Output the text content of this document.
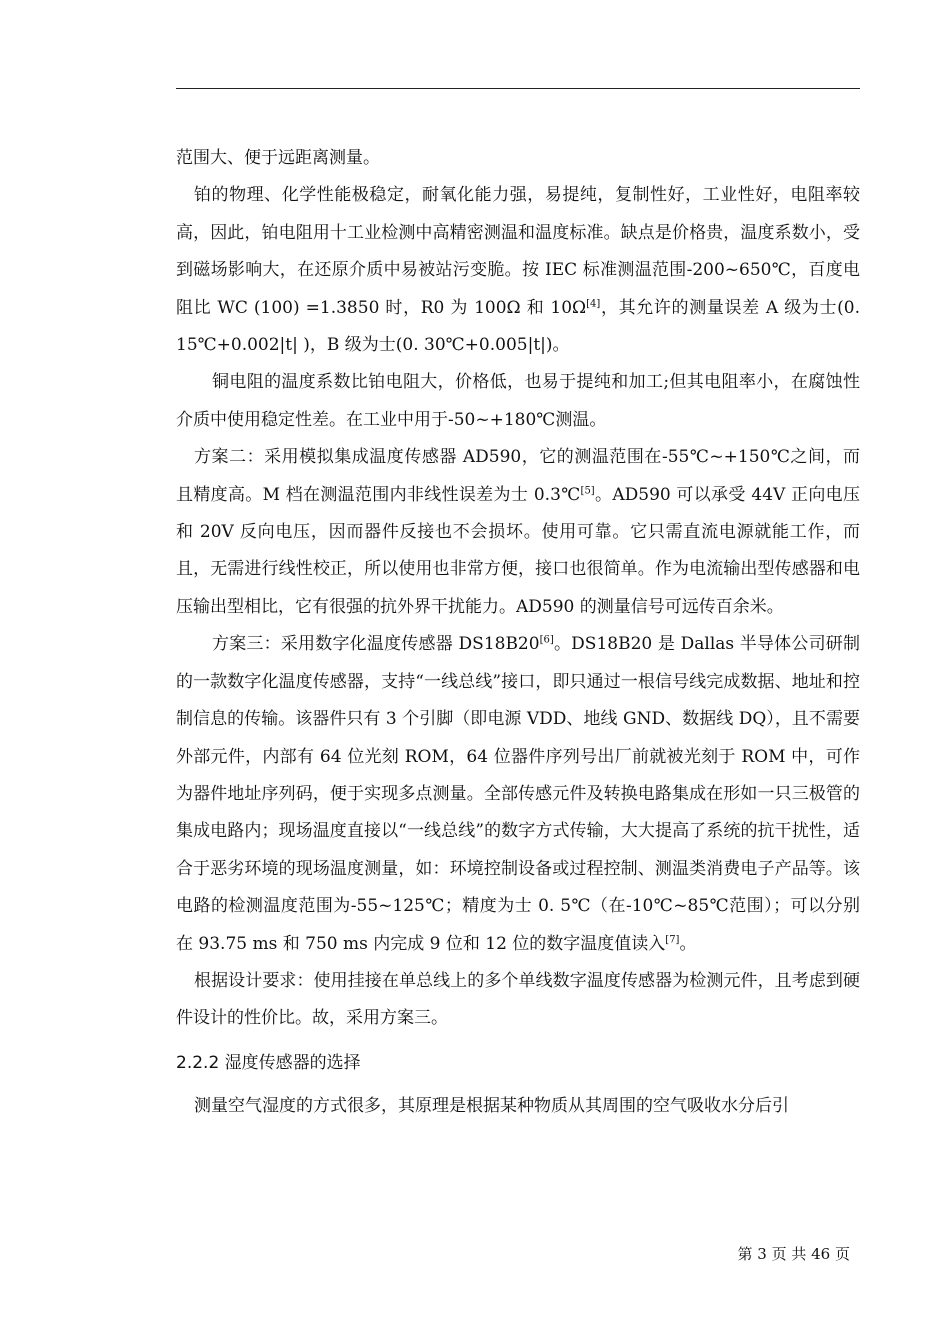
范围大、便于远距离测量。

铂的物理、化学性能极稳定，耐氧化能力强，易提纯，复制性好，工业性好，电阻率较高，因此，铂电阻用十工业检测中高精密测温和温度标准。缺点是价格贵，温度系数小，受到磁场影响大，在还原介质中易被站污变脆。按 IEC 标准测温范围-200~650℃，百度电阻比 WC (100) =1.3850 时，R0 为 100Ω 和 10Ω[4]，其允许的测量误差 A 级为士(0. 15℃+0.002|t| )，B 级为士(0. 30℃+0.005|t|)。

铜电阻的温度系数比铂电阻大，价格低，也易于提纯和加工;但其电阻率小，在腐蚀性介质中使用稳定性差。在工业中用于-50~+180℃测温。

方案二：采用模拟集成温度传感器 AD590，它的测温范围在-55℃~+150℃之间，而且精度高。M 档在测温范围内非线性误差为士 0.3℃[5]。AD590 可以承受 44V 正向电压和 20V 反向电压，因而器件反接也不会损坏。使用可靠。它只需直流电源就能工作，而且，无需进行线性校正，所以使用也非常方便，接口也很简单。作为电流输出型传感器和电压输出型相比，它有很强的抗外界干扰能力。AD590 的测量信号可远传百余米。

方案三：采用数字化温度传感器 DS18B20[6]。DS18B20 是 Dallas 半导体公司研制的一款数字化温度传感器，支持“一线总线”接口，即只通过一根信号线完成数据、地址和控制信息的传输。该器件只有 3 个引脚（即电源 VDD、地线 GND、数据线 DQ），且不需要外部元件，内部有 64 位光刻 ROM，64 位器件序列号出厂前就被光刻于 ROM 中，可作为器件地址序列码，便于实现多点测量。全部传感元件及转换电路集成在形如一只三极管的集成电路内；现场温度直接以“一线总线”的数字方式传输，大大提高了系统的抗干扰性，适合于恶劣环境的现场温度测量，如：环境控制设备或过程控制、测温类消费电子产品等。该电路的检测温度范围为-55~125℃；精度为士 0. 5℃（在-10℃~85℃范围）；可以分别在 93.75 ms 和 750 ms 内完成 9 位和 12 位的数字温度值读入[7]。

根据设计要求：使用挂接在单总线上的多个单线数字温度传感器为检测元件，且考虑到硬件设计的性价比。故，采用方案三。

2.2.2 湿度传感器的选择

测量空气湿度的方式很多，其原理是根据某种物质从其周围的空气吸收水分后引

第 3 页 共 46 页
